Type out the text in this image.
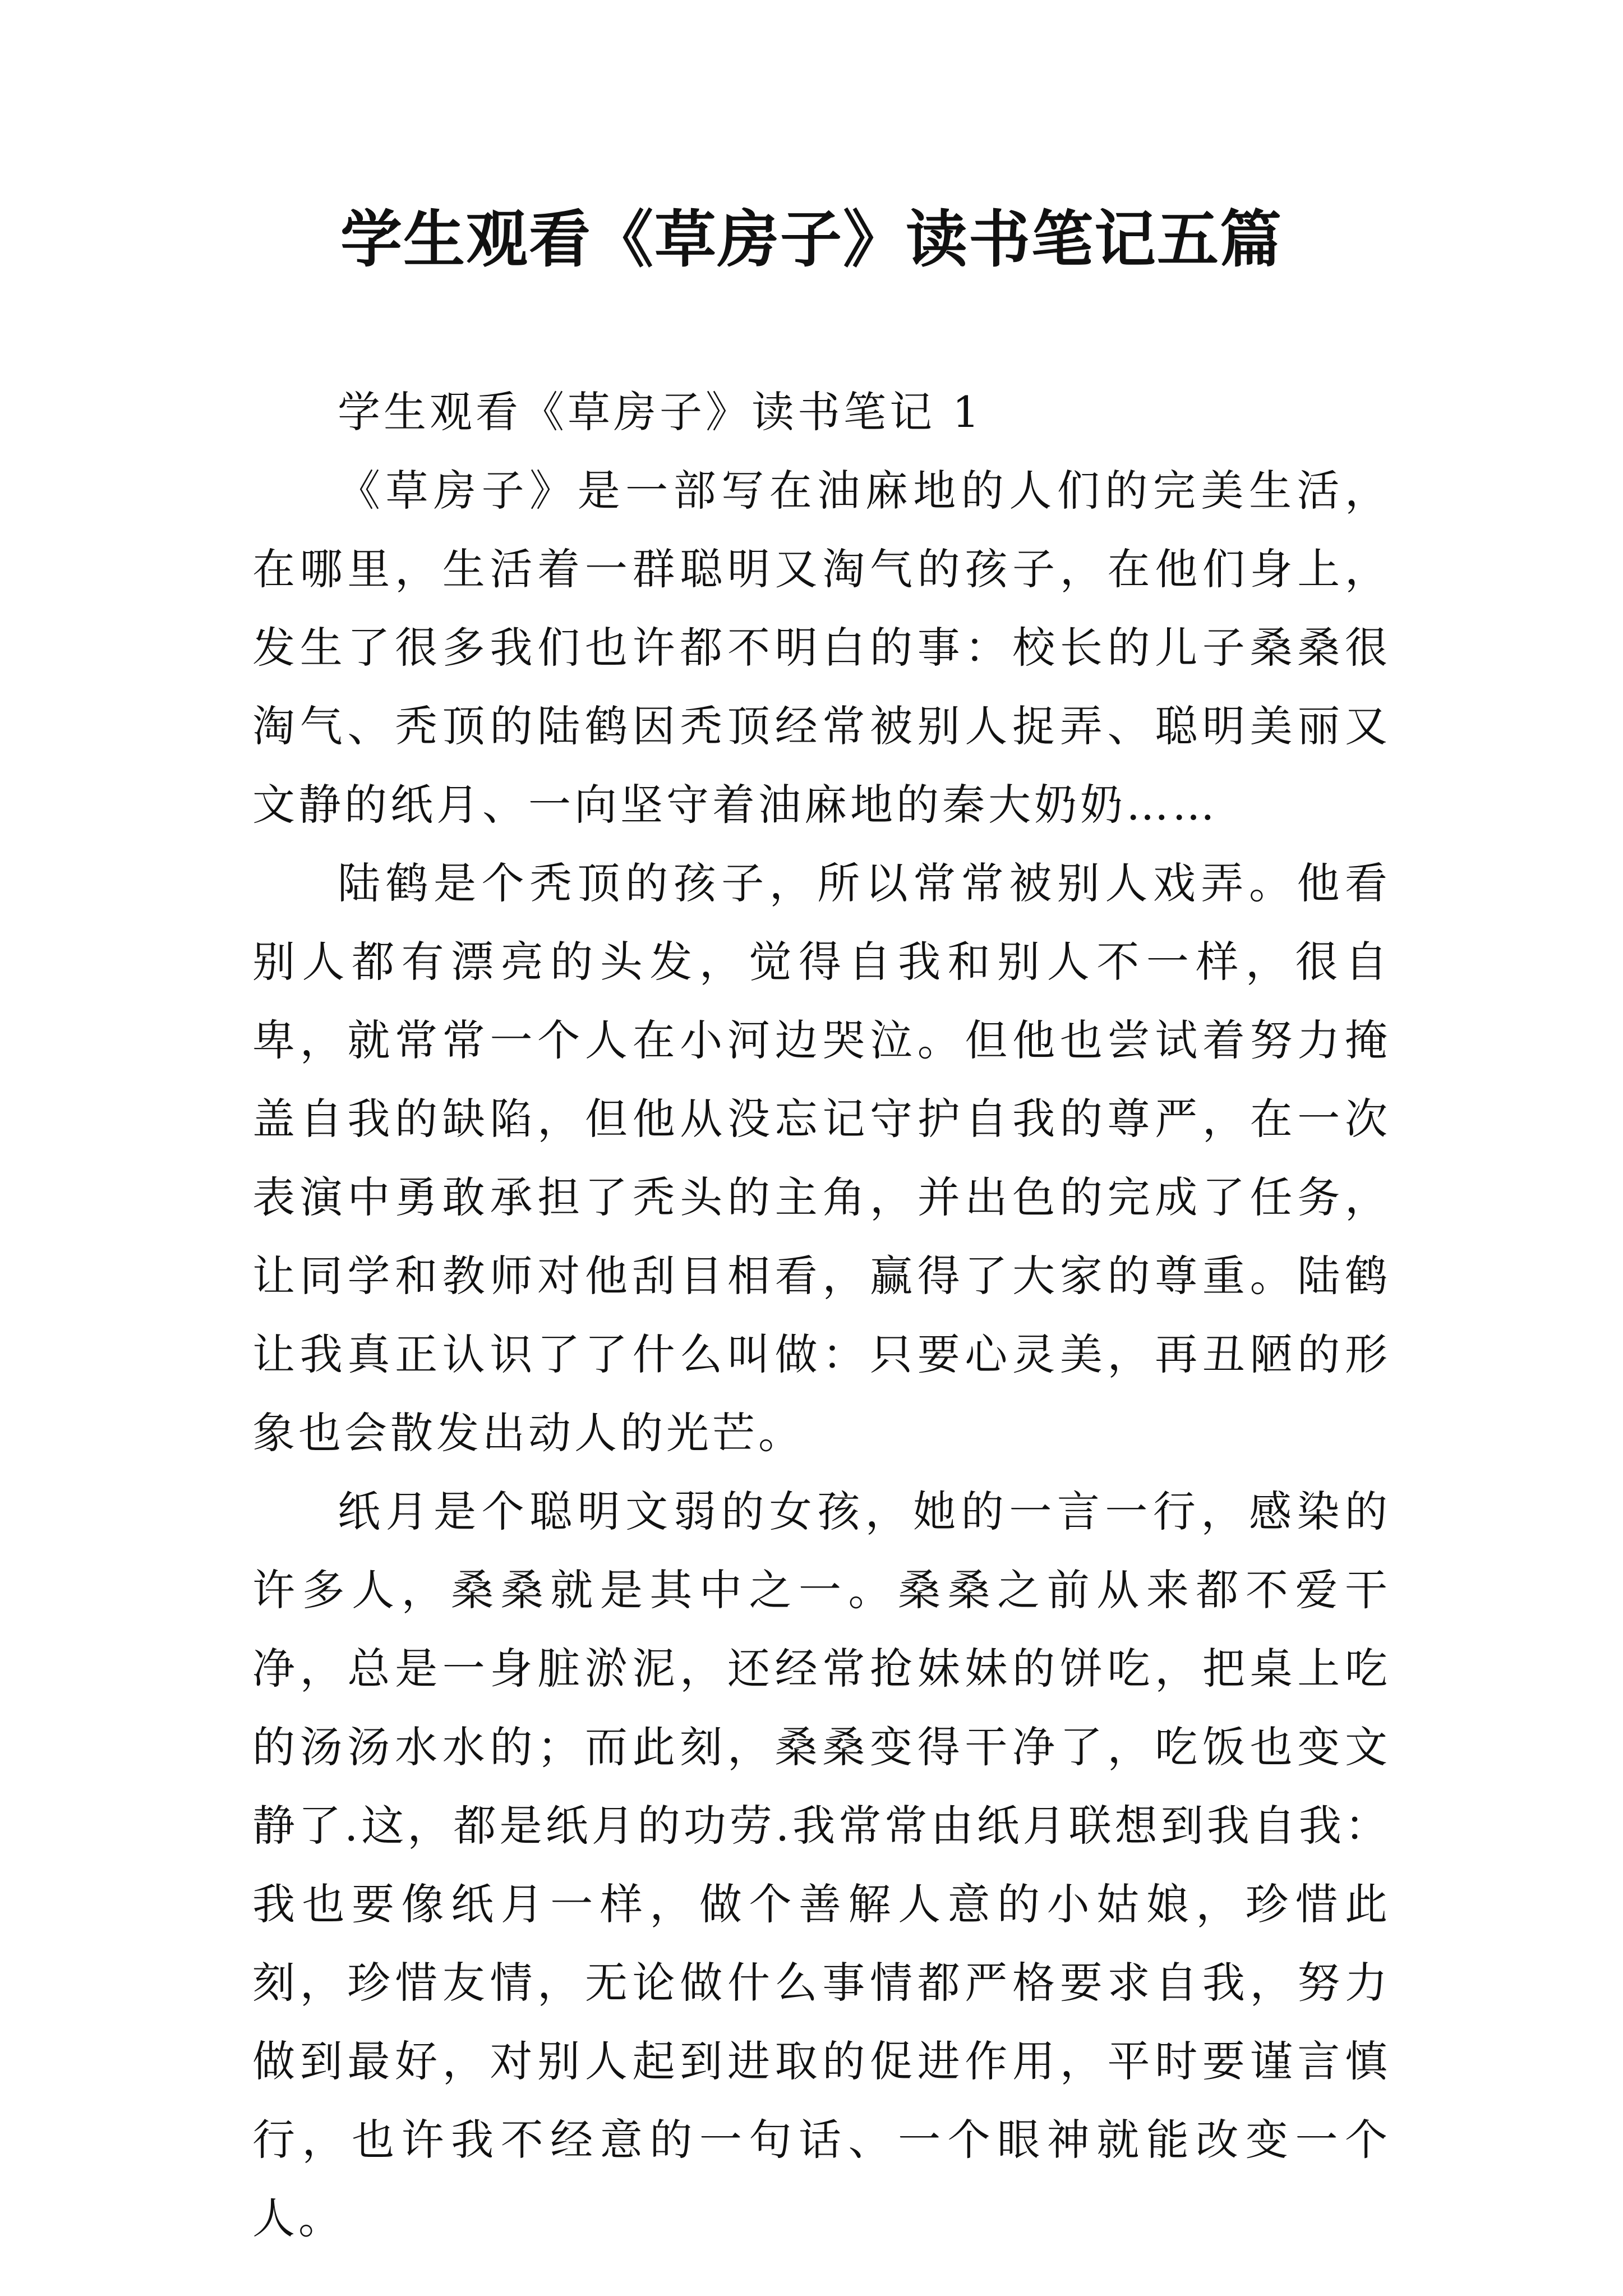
学生观看《草房子》读书笔记五篇

学生观看《草房子》读书笔记 1

《草房子》是一部写在油麻地的人们的完美生活，在哪里，生活着一群聪明又淘气的孩子，在他们身上，发生了很多我们也许都不明白的事：校长的儿子桑桑很淘气、秃顶的陆鹤因秃顶经常被别人捉弄、聪明美丽又文静的纸月、一向坚守着油麻地的秦大奶奶……

陆鹤是个秃顶的孩子，所以常常被别人戏弄。他看别人都有漂亮的头发，觉得自我和别人不一样，很自卑，就常常一个人在小河边哭泣。但他也尝试着努力掩盖自我的缺陷，但他从没忘记守护自我的尊严，在一次表演中勇敢承担了秃头的主角，并出色的完成了任务，让同学和教师对他刮目相看，赢得了大家的尊重。陆鹤让我真正认识了了什么叫做：只要心灵美，再丑陋的形象也会散发出动人的光芒。

纸月是个聪明文弱的女孩，她的一言一行，感染的许多人，桑桑就是其中之一。桑桑之前从来都不爱干净，总是一身脏淤泥，还经常抢妹妹的饼吃，把桌上吃的汤汤水水的；而此刻，桑桑变得干净了，吃饭也变文静了.这，都是纸月的功劳.我常常由纸月联想到我自我：我也要像纸月一样，做个善解人意的小姑娘，珍惜此刻，珍惜友情，无论做什么事情都严格要求自我，努力做到最好，对别人起到进取的促进作用，平时要谨言慎行，也许我不经意的一句话、一个眼神就能改变一个人。
